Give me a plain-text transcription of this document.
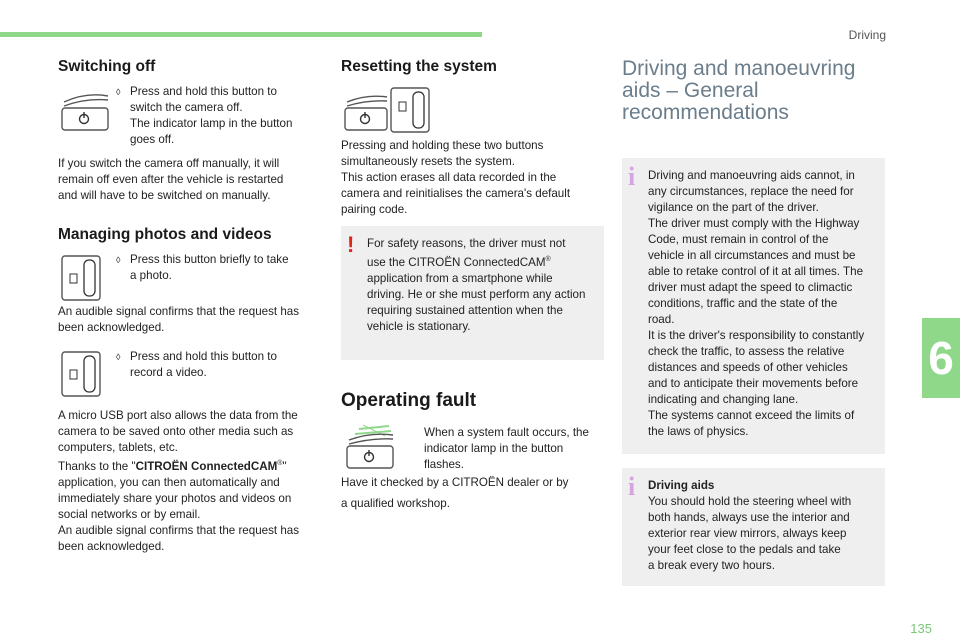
Driving
6
135
Switching off
◊ Press and hold this button to
switch the camera off.
The indicator lamp in the button
goes off.

If you switch the camera off manually, it will
remain off even after the vehicle is restarted
and will have to be switched on manually.

Managing photos and videos
◊ Press this button briefly to take
a photo.

An audible signal confirms that the request has
been acknowledged.

◊ Press and hold this button to
record a video.

A micro USB port also allows the data from the
camera to be saved onto other media such as
computers, tablets, etc.
Thanks to the "CITROËN ConnectedCAM®"
application, you can then automatically and
immediately share your photos and videos on
social networks or by email.
An audible signal confirms that the request has
been acknowledged.

Resetting the system

Pressing and holding these two buttons
simultaneously resets the system.
This action erases all data recorded in the
camera and reinitialises the camera's default
pairing code.

! For safety reasons, the driver must not
use the CITROËN ConnectedCAM®
application from a smartphone while
driving. He or she must perform any action
requiring sustained attention when the
vehicle is stationary.
Operating fault

When a system fault occurs, the
indicator lamp in the button flashes.

Have it checked by a CITROËN dealer or by
a qualified workshop.

Driving and manoeuvring
aids – General
recommendations
i Driving and manoeuvring aids cannot, in
any circumstances, replace the need for
vigilance on the part of the driver.
The driver must comply with the Highway
Code, must remain in control of the
vehicle in all circumstances and must be
able to retake control of it at all times. The
driver must adapt the speed to climactic
conditions, traffic and the state of the
road.
It is the driver's responsibility to constantly
check the traffic, to assess the relative
distances and speeds of other vehicles
and to anticipate their movements before
indicating and changing lane.
The systems cannot exceed the limits of
the laws of physics.
i Driving aids
You should hold the steering wheel with
both hands, always use the interior and
exterior rear view mirrors, always keep
your feet close to the pedals and take
a break every two hours.
